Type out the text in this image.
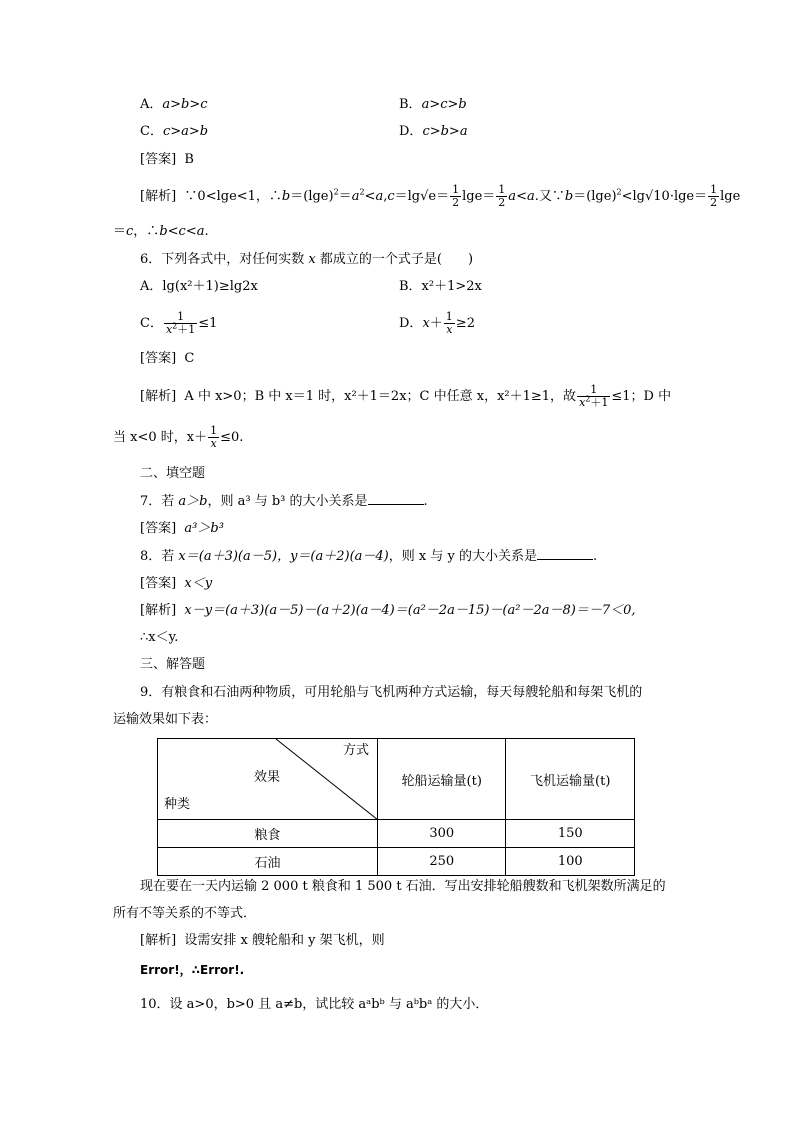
A．a>b>c	B．a>c>b
C．c>a>b	D．c>b>a
[答案] B
[解析]  ∵0<lge<1，$\therefore b=(\lg e)^2=a^2<a,c=\lg√e= \frac{1}{2} \lg e= \frac{1}{2} a<a$.又$\because b=(\lg e)^2<\lg√10\cdot\lg e= \frac{1}{2}$ lge
＝c，∴b<c<a.
6．下列各式中，对任何实数 x 都成立的一个式子是(　　)
A．lg(x²＋1)≥lg2x	B．x²＋1>2x
C． $\frac{1}{x^2+1} \le 1$	D．$x+ \frac{1}{x} \ge 2$
[答案] C
[解析] A 中 x>0；B 中 x＝1 时，x²＋1＝2x；C 中任意 x，x²＋1≥1，故 $\frac{1}{x^2+1} \le 1$；D 中
当 x<0 时，$x+ \frac{1}{x} \le 0$.
二、填空题
7．若 a＞b，则 a³ 与 b³ 的大小关系是	.
[答案] a³＞b³
8．若 x＝(a＋3)(a－5)，y＝(a＋2)(a－4)，则 x 与 y 的大小关系是	.
[答案] x＜y
[解析] x－y＝(a＋3)(a－5)－(a＋2)(a－4)＝(a²－2a－15)－(a²－2a－8)＝－7＜0,
∴x＜y.
三、解答题
9．有粮食和石油两种物质，可用轮船与飞机两种方式运输，每天每艘轮船和每架飞机的
运输效果如下表：
方式
效果
种类	轮船运输量(t)	飞机运输量(t)
粮食	300	150
石油	250	100
现在要在一天内运输 2 000 t 粮食和 1 500 t 石油．写出安排轮船艘数和飞机架数所满足的
所有不等关系的不等式．
[解析] 设需安排 x 艘轮船和 y 架飞机，则
Error!，∴Error!.
10．设 a>0，b>0 且 a≠b，试比较 aᵃbᵇ 与 aᵇbᵃ 的大小．
